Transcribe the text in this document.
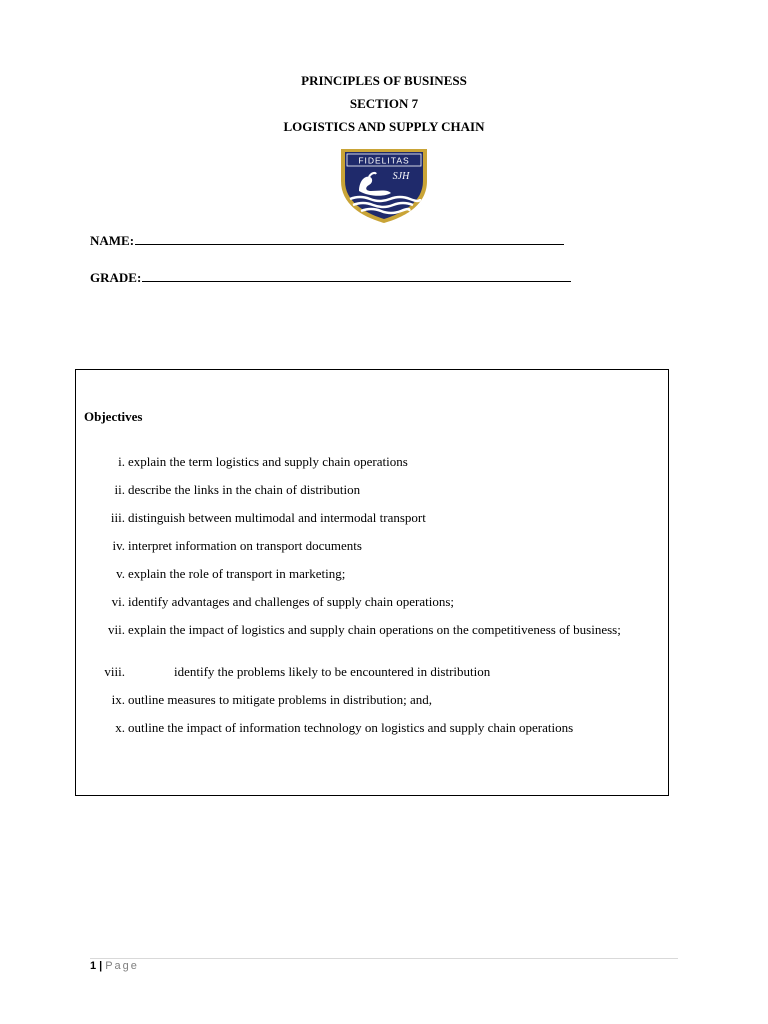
PRINCIPLES OF BUSINESS
SECTION 7
LOGISTICS AND SUPPLY CHAIN
FIDELITAS
SJH
NAME:
GRADE:
Objectives
i. explain the term logistics and supply chain operations
ii. describe the links in the chain of distribution
iii. distinguish between multimodal and intermodal transport
iv. interpret information on transport documents
v. explain the role of transport in marketing;
vi. identify advantages and challenges of supply chain operations;
vii. explain the impact of logistics and supply chain operations on the competitiveness of business;
viii.	identify the problems likely to be encountered in distribution
ix. outline measures to mitigate problems in distribution; and,
x. outline the impact of information technology on logistics and supply chain operations
1 | Page
